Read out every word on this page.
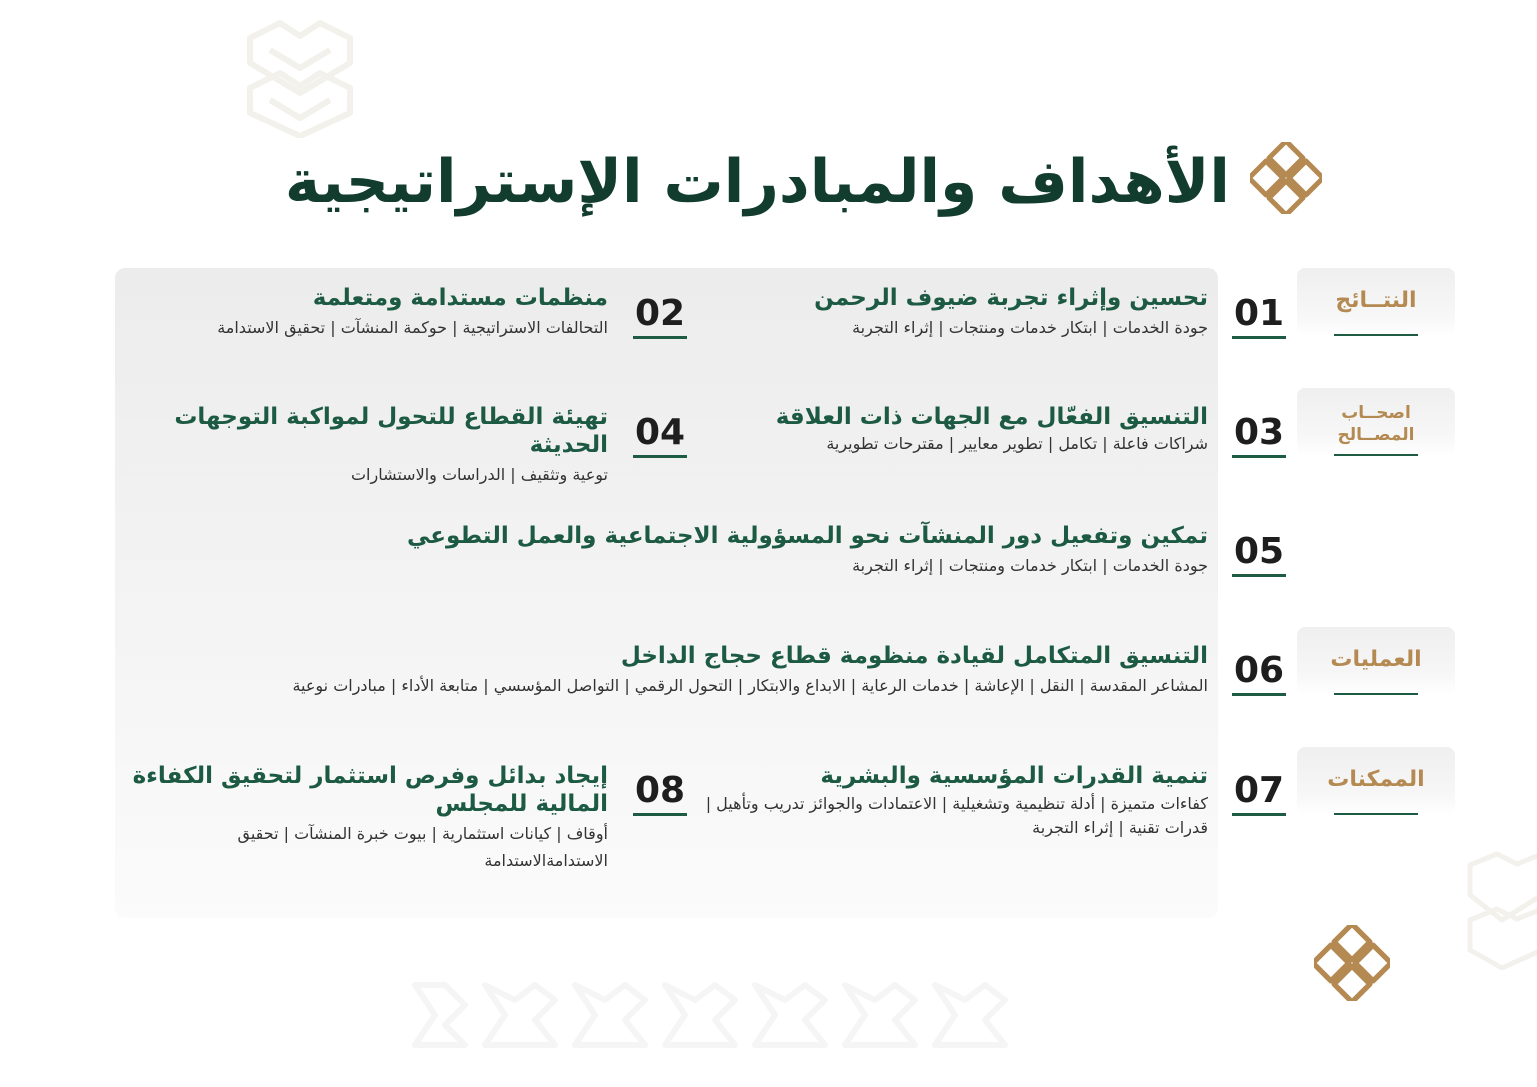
الأهداف والمبادرات الإستراتيجية
النتــائج
اصحــاب
المصــالح
العمليات
الممكنات
01
02
03
04
05
06
07
08
تحسين وإثراء تجربة ضيوف الرحمن
جودة الخدمات | ابتكار خدمات ومنتجات | إثراء التجربة
منظمات مستدامة ومتعلمة
التحالفات الاستراتيجية | حوكمة المنشآت | تحقيق الاستدامة
التنسيق الفعّال مع الجهات ذات العلاقة
شراكات فاعلة | تكامل | تطوير معايير | مقترحات تطويرية
تهيئة القطاع للتحول لمواكبة التوجهات الحديثة
توعية وتثقيف | الدراسات والاستشارات
تمكين وتفعيل دور المنشآت نحو المسؤولية الاجتماعية والعمل التطوعي
جودة الخدمات | ابتكار خدمات ومنتجات | إثراء التجربة
التنسيق المتكامل لقيادة منظومة قطاع حجاج الداخل
المشاعر المقدسة | النقل | الإعاشة | خدمات الرعاية | الابداع والابتكار | التحول الرقمي | التواصل المؤسسي | متابعة الأداء | مبادرات نوعية
تنمية القدرات المؤسسية والبشرية
كفاءات متميزة | أدلة تنظيمية وتشغيلية | الاعتمادات والجوائز تدريب وتأهيل | قدرات تقنية | إثراء التجربة
إيجاد بدائل وفرص استثمار لتحقيق الكفاءة المالية للمجلس
أوقاف | كيانات استثمارية | بيوت خبرة المنشآت | تحقيق الاستدامةالاستدامة
